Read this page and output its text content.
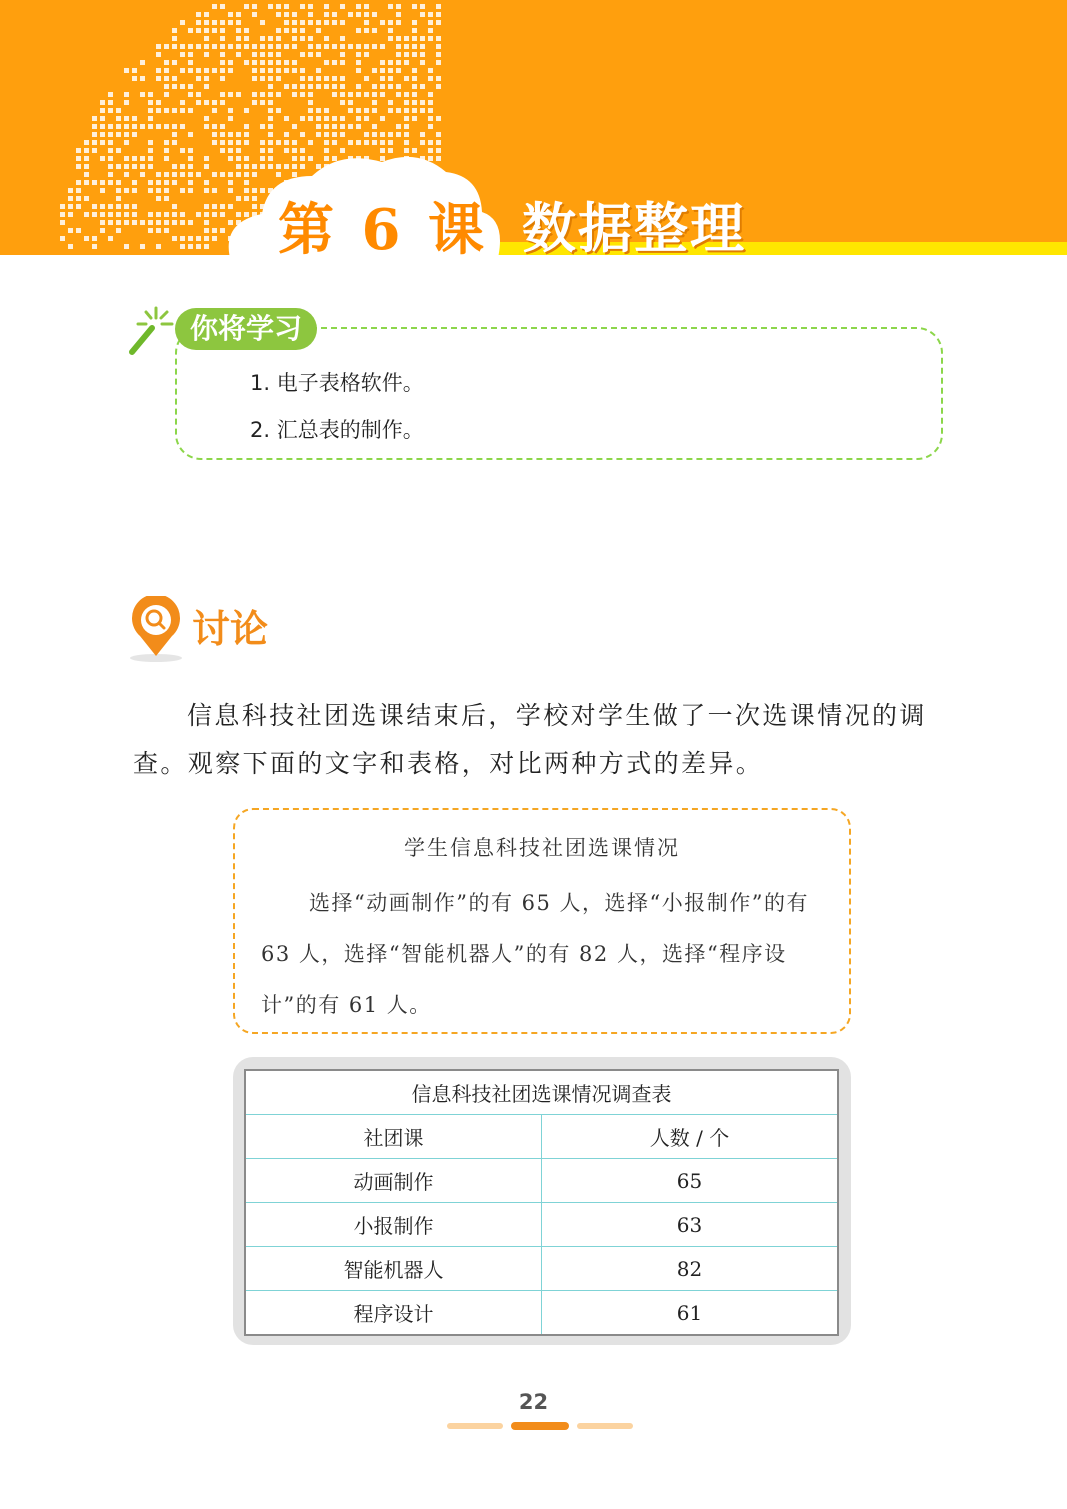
第 6 课 数据整理
你将学习
1. 电子表格软件。
2. 汇总表的制作。
讨论

信息科技社团选课结束后，学校对学生做了一次选课情况的调查。观察下面的文字和表格，对比两种方式的差异。

学生信息科技社团选课情况

选择“动画制作”的有 65 人，选择“小报制作”的有 63 人，选择“智能机器人”的有 82 人，选择“程序设计”的有 61 人。

信息科技社团选课情况调查表	
社团课	人数 / 个
动画制作	65
小报制作	63
智能机器人	82
程序设计	61
22
